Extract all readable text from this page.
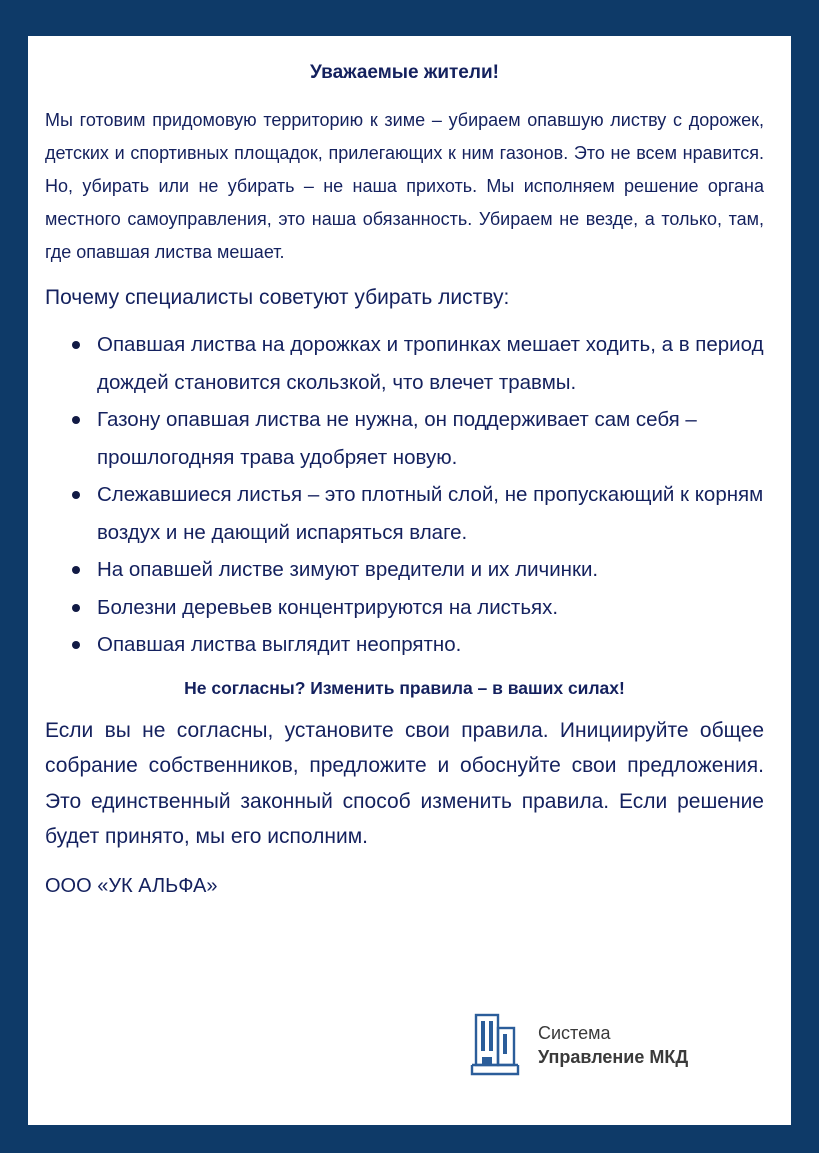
Уважаемые жители!

Мы готовим придомовую территорию к зиме – убираем опавшую листву с дорожек, детских и спортивных площадок, прилегающих к ним газонов. Это не всем нравится. Но, убирать или не убирать – не наша прихоть. Мы исполняем решение органа местного самоуправления, это наша обязанность. Убираем не везде, а только, там, где опавшая листва мешает.

Почему специалисты советуют убирать листву:

Опавшая листва на дорожках и тропинках мешает ходить, а в период дождей становится скользкой, что влечет травмы.
Газону опавшая листва не нужна, он поддерживает сам себя – прошлогодняя трава удобряет новую.
Слежавшиеся листья – это плотный слой, не пропускающий к корням воздух и не дающий испаряться влаге.
На опавшей листве зимуют вредители и их личинки.
Болезни деревьев концентрируются на листьях.
Опавшая листва выглядит неопрятно.

Не согласны? Изменить правила – в ваших силах!

Если вы не согласны, установите свои правила. Инициируйте общее собрание собственников, предложите и обоснуйте свои предложения. Это единственный законный способ изменить правила. Если решение будет принято, мы его исполним.

ООО «УК АЛЬФА»

Система
Управление МКД
